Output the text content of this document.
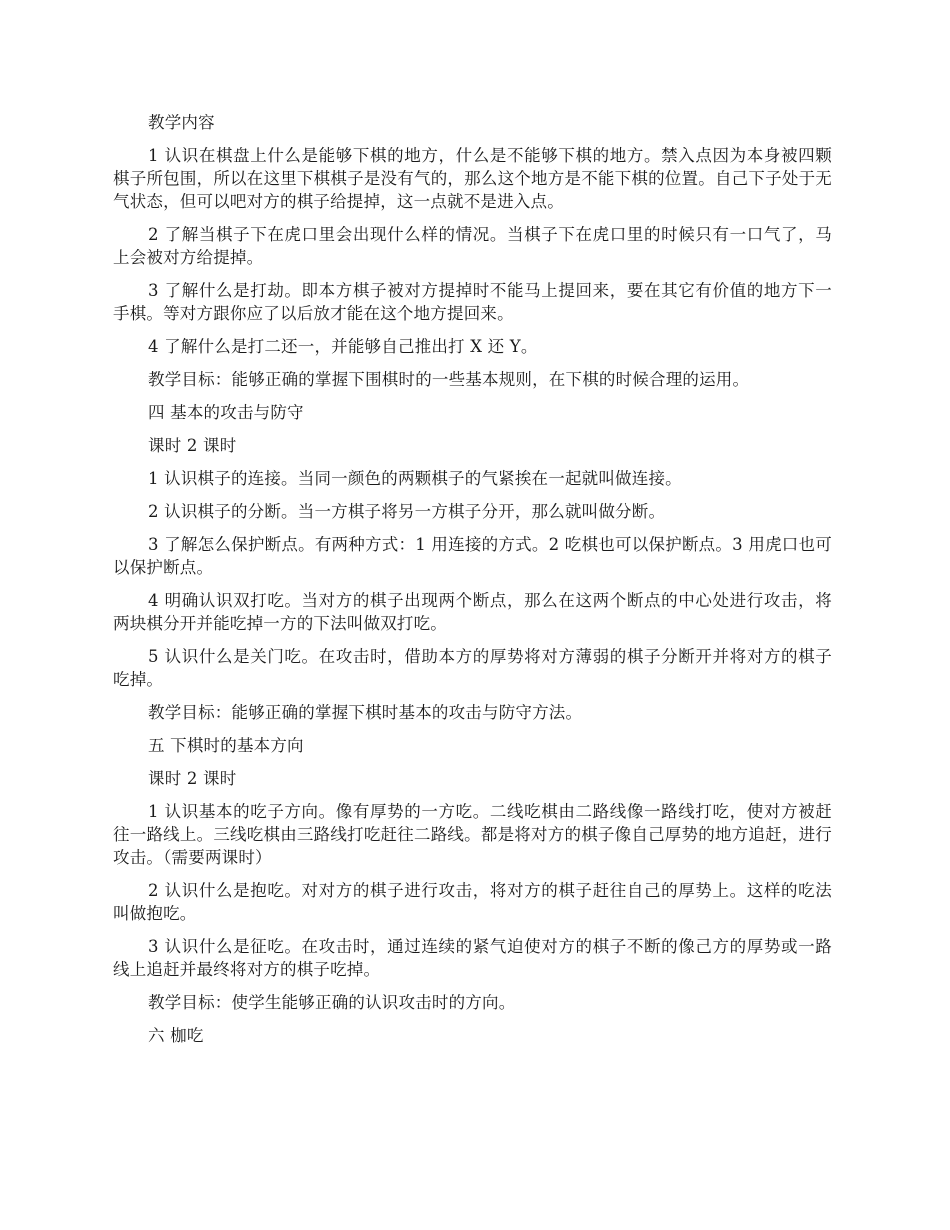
教学内容

1 认识在棋盘上什么是能够下棋的地方，什么是不能够下棋的地方。禁入点因为本身被四颗棋子所包围，所以在这里下棋棋子是没有气的，那么这个地方是不能下棋的位置。自己下子处于无气状态，但可以吧对方的棋子给提掉，这一点就不是进入点。

2 了解当棋子下在虎口里会出现什么样的情况。当棋子下在虎口里的时候只有一口气了，马上会被对方给提掉。

3 了解什么是打劫。即本方棋子被对方提掉时不能马上提回来，要在其它有价值的地方下一手棋。等对方跟你应了以后放才能在这个地方提回来。

4 了解什么是打二还一，并能够自己推出打 X 还 Y。

教学目标：能够正确的掌握下围棋时的一些基本规则，在下棋的时候合理的运用。

四 基本的攻击与防守

课时 2 课时

1 认识棋子的连接。当同一颜色的两颗棋子的气紧挨在一起就叫做连接。

2 认识棋子的分断。当一方棋子将另一方棋子分开，那么就叫做分断。

3 了解怎么保护断点。有两种方式：1 用连接的方式。2 吃棋也可以保护断点。3 用虎口也可以保护断点。

4 明确认识双打吃。当对方的棋子出现两个断点，那么在这两个断点的中心处进行攻击，将两块棋分开并能吃掉一方的下法叫做双打吃。

5 认识什么是关门吃。在攻击时，借助本方的厚势将对方薄弱的棋子分断开并将对方的棋子吃掉。

教学目标：能够正确的掌握下棋时基本的攻击与防守方法。

五 下棋时的基本方向

课时 2 课时

1 认识基本的吃子方向。像有厚势的一方吃。二线吃棋由二路线像一路线打吃，使对方被赶往一路线上。三线吃棋由三路线打吃赶往二路线。都是将对方的棋子像自己厚势的地方追赶，进行攻击。（需要两课时）

2 认识什么是抱吃。对对方的棋子进行攻击，将对方的棋子赶往自己的厚势上。这样的吃法叫做抱吃。

3 认识什么是征吃。在攻击时，通过连续的紧气迫使对方的棋子不断的像己方的厚势或一路线上追赶并最终将对方的棋子吃掉。

教学目标：使学生能够正确的认识攻击时的方向。

六 枷吃
